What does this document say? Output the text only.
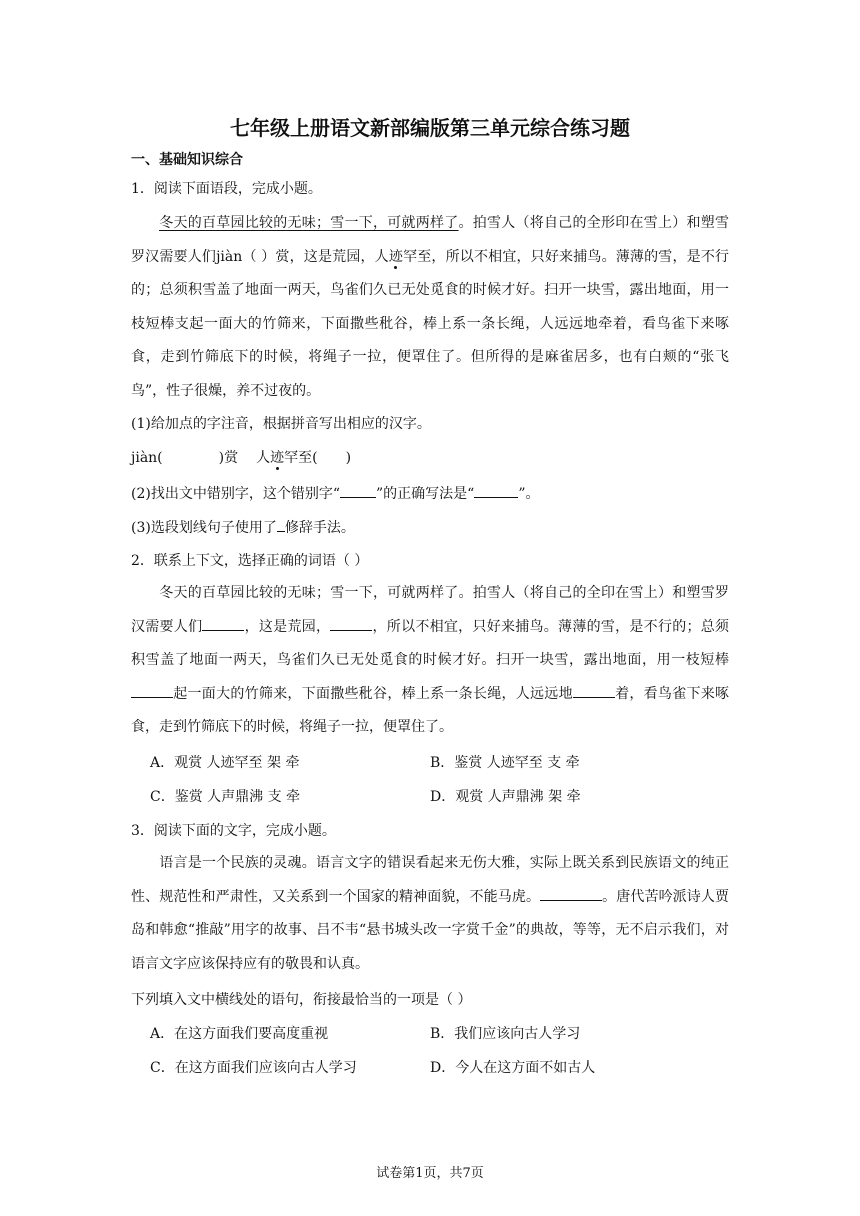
七年级上册语文新部编版第三单元综合练习题
一、基础知识综合
1．阅读下面语段，完成小题。
冬天的百草园比较的无味；雪一下，可就两样了。拍雪人（将自己的全形印在雪上）和塑雪罗汉需要人们jiàn（ ）赏，这是荒园，人迹罕至，所以不相宜，只好来捕鸟。薄薄的雪，是不行的；总须积雪盖了地面一两天，鸟雀们久已无处觅食的时候才好。扫开一块雪，露出地面，用一枝短棒支起一面大的竹筛来，下面撒些秕谷，棒上系一条长绳，人远远地牵着，看鸟雀下来啄食，走到竹筛底下的时候，将绳子一拉，便罩住了。但所得的是麻雀居多，也有白颊的“张飞鸟”，性子很燥，养不过夜的。
(1)给加点的字注音，根据拼音写出相应的汉字。
jiàn(	)赏 人迹罕至( )
(2)找出文中错别字，这个错别字“	”的正确写法是“	”。
(3)选段划线句子使用了 修辞手法。
2．联系上下文，选择正确的词语（ ）
冬天的百草园比较的无味；雪一下，可就两样了。拍雪人（将自己的全印在雪上）和塑雪罗汉需要人们	，这是荒园，	，所以不相宜，只好来捕鸟。薄薄的雪，是不行的；总须积雪盖了地面一两天，鸟雀们久已无处觅食的时候才好。扫开一块雪，露出地面，用一枝短棒起一面大的竹筛来，下面撒些秕谷，棒上系一条长绳，人远远地	着，看鸟雀下来啄食，走到竹筛底下的时候，将绳子一拉，便罩住了。
A．观赏 人迹罕至 架 牵	B．鉴赏 人迹罕至 支 牵
C．鉴赏 人声鼎沸 支 牵	D．观赏 人声鼎沸 架 牵
3．阅读下面的文字，完成小题。
语言是一个民族的灵魂。语言文字的错误看起来无伤大雅，实际上既关系到民族语文的纯正性、规范性和严肃性，又关系到一个国家的精神面貌，不能马虎。	。唐代苦吟派诗人贾岛和韩愈“推敲”用字的故事、吕不韦“悬书城头改一字赏千金”的典故，等等，无不启示我们，对语言文字应该保持应有的敬畏和认真。
下列填入文中横线处的语句，衔接最恰当的一项是（ ）
A．在这方面我们要高度重视	B．我们应该向古人学习
C．在这方面我们应该向古人学习	D．今人在这方面不如古人
试卷第1页，共7页
